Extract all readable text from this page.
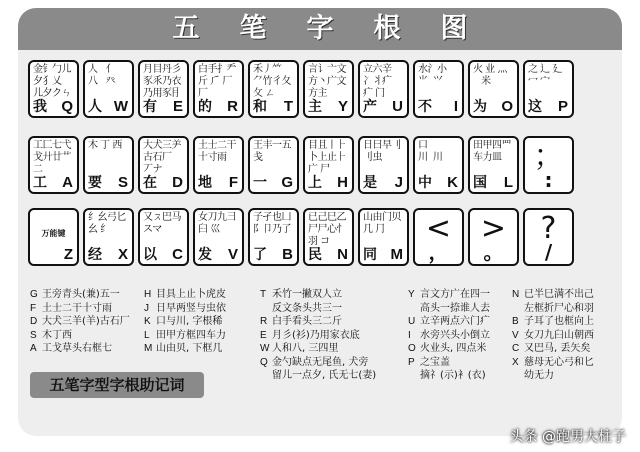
五笔字根图
金钅勹儿
夕犭乂
儿夕クㄣ
我 Q
人   亻
八   癶

人 W
月目丹彡
豕乑乃衣
乃用豕⺝
有 E
白手扌龵
斤 ⺁ 厂
厂
的 R
禾丿⺮
⺈竹彳夂
攵 ㄥ
和 T
言讠亠文
方丶广文
方主
主 Y
立六辛
冫丬疒
疒 门
产 U
水氵小
⺌  ⺍

不 I
火 业 灬
米

为 O
之 辶 廴
冖 宀

这 P
工匚七弋
戈廾廿艹
二
工 A
木 丁 西

要 S
大犬三⺶
古石厂
丆ナ
在 D
土士二干
十寸雨

地 F
王丰一五
戋

一 G
目且丨⺊
卜上止⺊
广 尸
上 H
日曰早刂
刂虫

是 J
口
川  川

中 K
田甲四罒
车力皿

国 L
；
:
万能键
Z
纟幺弓匕
幺 纟

经 X
又ㄡ巴马
スマ

以 C
女刀九彐
臼 巛

发 V
子孑也凵
阝卩乃了

了 B
已己巳乙
尸尸心忄
羽 コ
民 N
山由门贝
几 ⺆

同 M
<
，
>
。
?
/
G 王旁青头(兼)五一
F 土士二干十寸雨
D 大犬三羊(羊)古石厂
S 木丁西
A 工戈草头右框七
H 目具上止卜虎皮
J 日早两竖与虫依
K 口与川, 字根稀
L 田甲方框四车力
M 山由贝, 下框几
T 禾竹一撇双人立
反文条头共三一
R 白手看头三二斤
E 月彡(衫)乃用家衣底
W 人和八, 三四里
Q 金勺缺点无尾鱼, 犬旁
留儿一点夕, 氏无七(妻)
Y 言文方广在四一
高头一捺谁人去
U 立辛两点六门疒
I 水旁兴头小倒立
O 火业头, 四点米
P 之宝盖
摘礻(示)衤(衣)
N 已半巳满不出己
左框折尸心和羽
B 子耳了也框向上
V 女刀九臼山朝西
C 又巴马, 丢矢矣
X 慈母无心弓和匕
幼无力
五笔字型字根助记词
头条 @跑男大柱子
